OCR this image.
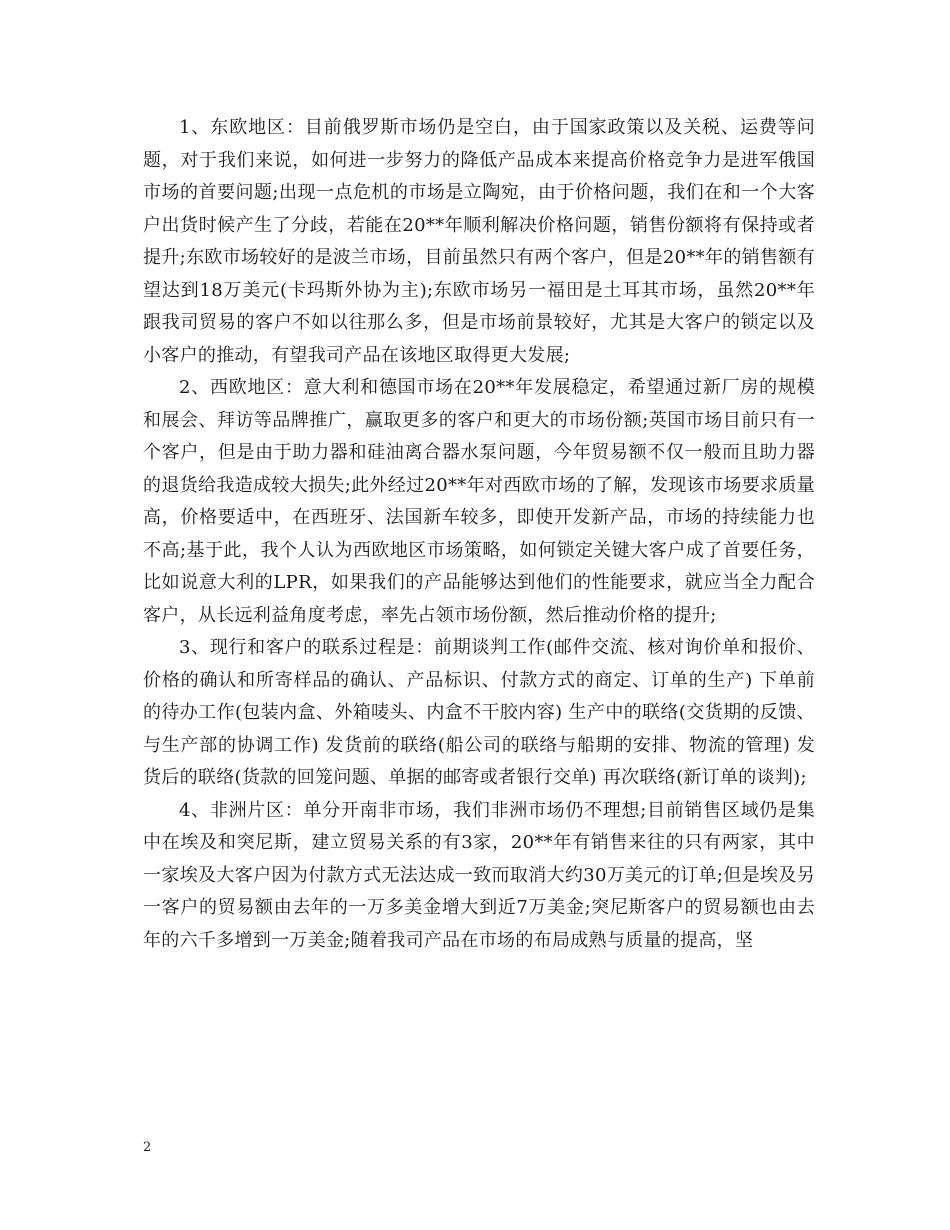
1、东欧地区：目前俄罗斯市场仍是空白，由于国家政策以及关税、运费等问题，对于我们来说，如何进一步努力的降低产品成本来提高价格竞争力是进军俄国市场的首要问题;出现一点危机的市场是立陶宛，由于价格问题，我们在和一个大客户出货时候产生了分歧，若能在20**年顺利解决价格问题，销售份额将有保持或者提升;东欧市场较好的是波兰市场，目前虽然只有两个客户，但是20**年的销售额有望达到18万美元(卡玛斯外协为主);东欧市场另一福田是土耳其市场，虽然20**年跟我司贸易的客户不如以往那么多，但是市场前景较好，尤其是大客户的锁定以及小客户的推动，有望我司产品在该地区取得更大发展;

2、西欧地区：意大利和德国市场在20**年发展稳定，希望通过新厂房的规模和展会、拜访等品牌推广，赢取更多的客户和更大的市场份额;英国市场目前只有一个客户，但是由于助力器和硅油离合器水泵问题，今年贸易额不仅一般而且助力器的退货给我造成较大损失;此外经过20**年对西欧市场的了解，发现该市场要求质量高，价格要适中，在西班牙、法国新车较多，即使开发新产品，市场的持续能力也不高;基于此，我个人认为西欧地区市场策略，如何锁定关键大客户成了首要任务，比如说意大利的LPR，如果我们的产品能够达到他们的性能要求，就应当全力配合客户，从长远利益角度考虑，率先占领市场份额，然后推动价格的提升;

3、现行和客户的联系过程是：前期谈判工作(邮件交流、核对询价单和报价、价格的确认和所寄样品的确认、产品标识、付款方式的商定、订单的生产) 下单前的待办工作(包装内盒、外箱唛头、内盒不干胶内容) 生产中的联络(交货期的反馈、与生产部的协调工作) 发货前的联络(船公司的联络与船期的安排、物流的管理) 发货后的联络(货款的回笼问题、单据的邮寄或者银行交单) 再次联络(新订单的谈判);

4、非洲片区：单分开南非市场，我们非洲市场仍不理想;目前销售区域仍是集中在埃及和突尼斯，建立贸易关系的有3家，20**年有销售来往的只有两家，其中一家埃及大客户因为付款方式无法达成一致而取消大约30万美元的订单;但是埃及另一客户的贸易额由去年的一万多美金增大到近7万美金;突尼斯客户的贸易额也由去年的六千多增到一万美金;随着我司产品在市场的布局成熟与质量的提高，坚

2
